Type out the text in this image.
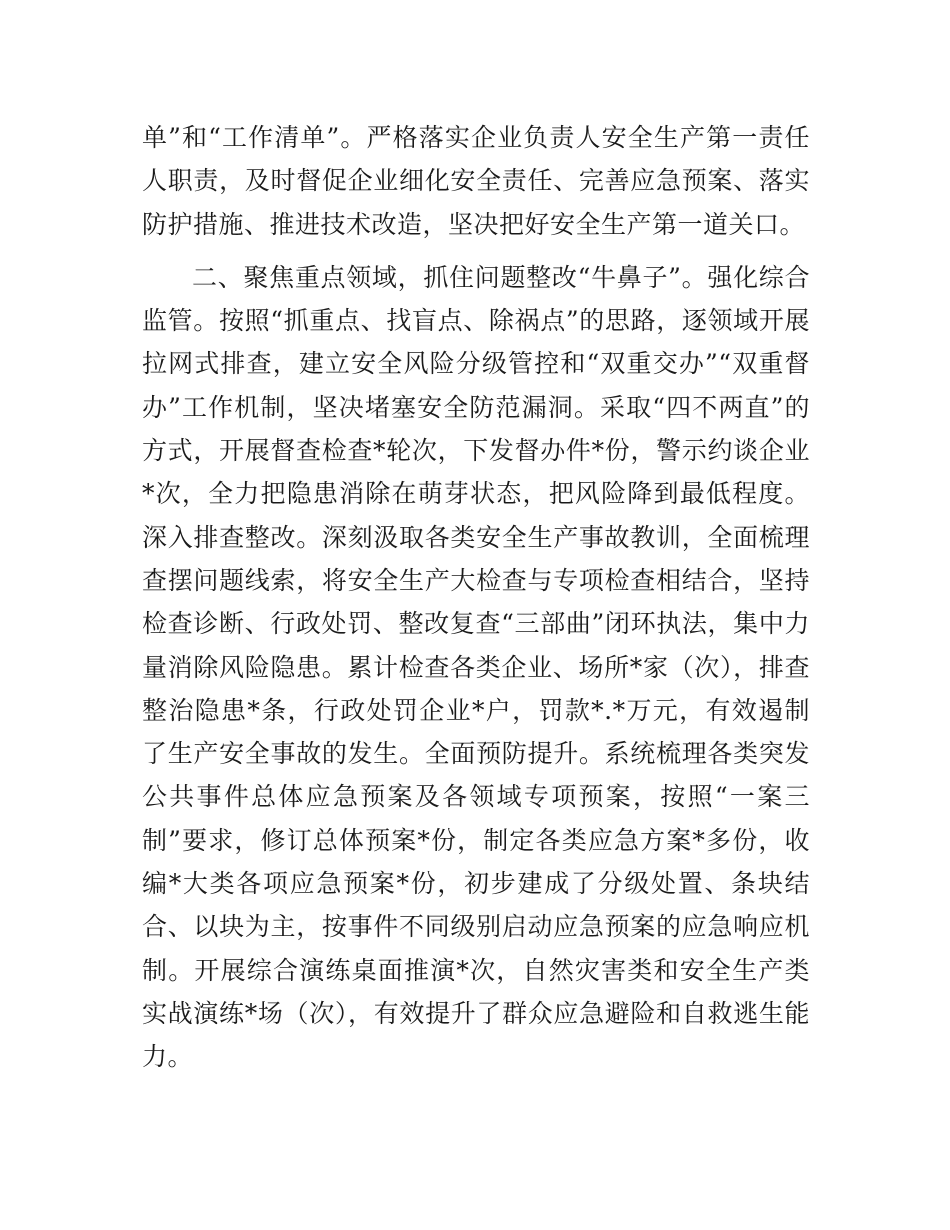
单”和“工作清单”。严格落实企业负责人安全生产第一责任人职责，及时督促企业细化安全责任、完善应急预案、落实防护措施、推进技术改造，坚决把好安全生产第一道关口。

二、聚焦重点领域，抓住问题整改“牛鼻子”。强化综合监管。按照“抓重点、找盲点、除祸点”的思路，逐领域开展拉网式排查，建立安全风险分级管控和“双重交办”“双重督办”工作机制，坚决堵塞安全防范漏洞。采取“四不两直”的方式，开展督查检查*轮次，下发督办件*份，警示约谈企业*次，全力把隐患消除在萌芽状态，把风险降到最低程度。深入排查整改。深刻汲取各类安全生产事故教训，全面梳理查摆问题线索，将安全生产大检查与专项检查相结合，坚持检查诊断、行政处罚、整改复查“三部曲”闭环执法，集中力量消除风险隐患。累计检查各类企业、场所*家（次），排查整治隐患*条，行政处罚企业*户，罚款*.*万元，有效遏制了生产安全事故的发生。全面预防提升。系统梳理各类突发公共事件总体应急预案及各领域专项预案，按照“一案三制”要求，修订总体预案*份，制定各类应急方案*多份，收编*大类各项应急预案*份，初步建成了分级处置、条块结合、以块为主，按事件不同级别启动应急预案的应急响应机制。开展综合演练桌面推演*次，自然灾害类和安全生产类实战演练*场（次），有效提升了群众应急避险和自救逃生能力。
